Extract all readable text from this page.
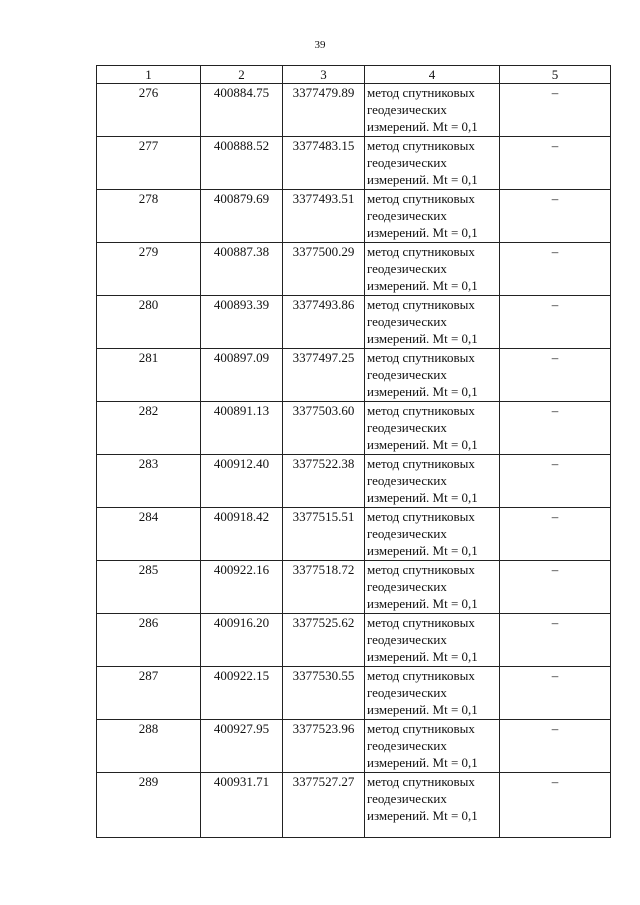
39
1	2	3	4	5
276	400884.75	3377479.89	метод спутниковых
геодезических
измерений. Mt = 0,1	–
277	400888.52	3377483.15	метод спутниковых
геодезических
измерений. Mt = 0,1	–
278	400879.69	3377493.51	метод спутниковых
геодезических
измерений. Mt = 0,1	–
279	400887.38	3377500.29	метод спутниковых
геодезических
измерений. Mt = 0,1	–
280	400893.39	3377493.86	метод спутниковых
геодезических
измерений. Mt = 0,1	–
281	400897.09	3377497.25	метод спутниковых
геодезических
измерений. Mt = 0,1	–
282	400891.13	3377503.60	метод спутниковых
геодезических
измерений. Mt = 0,1	–
283	400912.40	3377522.38	метод спутниковых
геодезических
измерений. Mt = 0,1	–
284	400918.42	3377515.51	метод спутниковых
геодезических
измерений. Mt = 0,1	–
285	400922.16	3377518.72	метод спутниковых
геодезических
измерений. Mt = 0,1	–
286	400916.20	3377525.62	метод спутниковых
геодезических
измерений. Mt = 0,1	–
287	400922.15	3377530.55	метод спутниковых
геодезических
измерений. Mt = 0,1	–
288	400927.95	3377523.96	метод спутниковых
геодезических
измерений. Mt = 0,1	–
289	400931.71	3377527.27	метод спутниковых
геодезических
измерений. Mt = 0,1	–
